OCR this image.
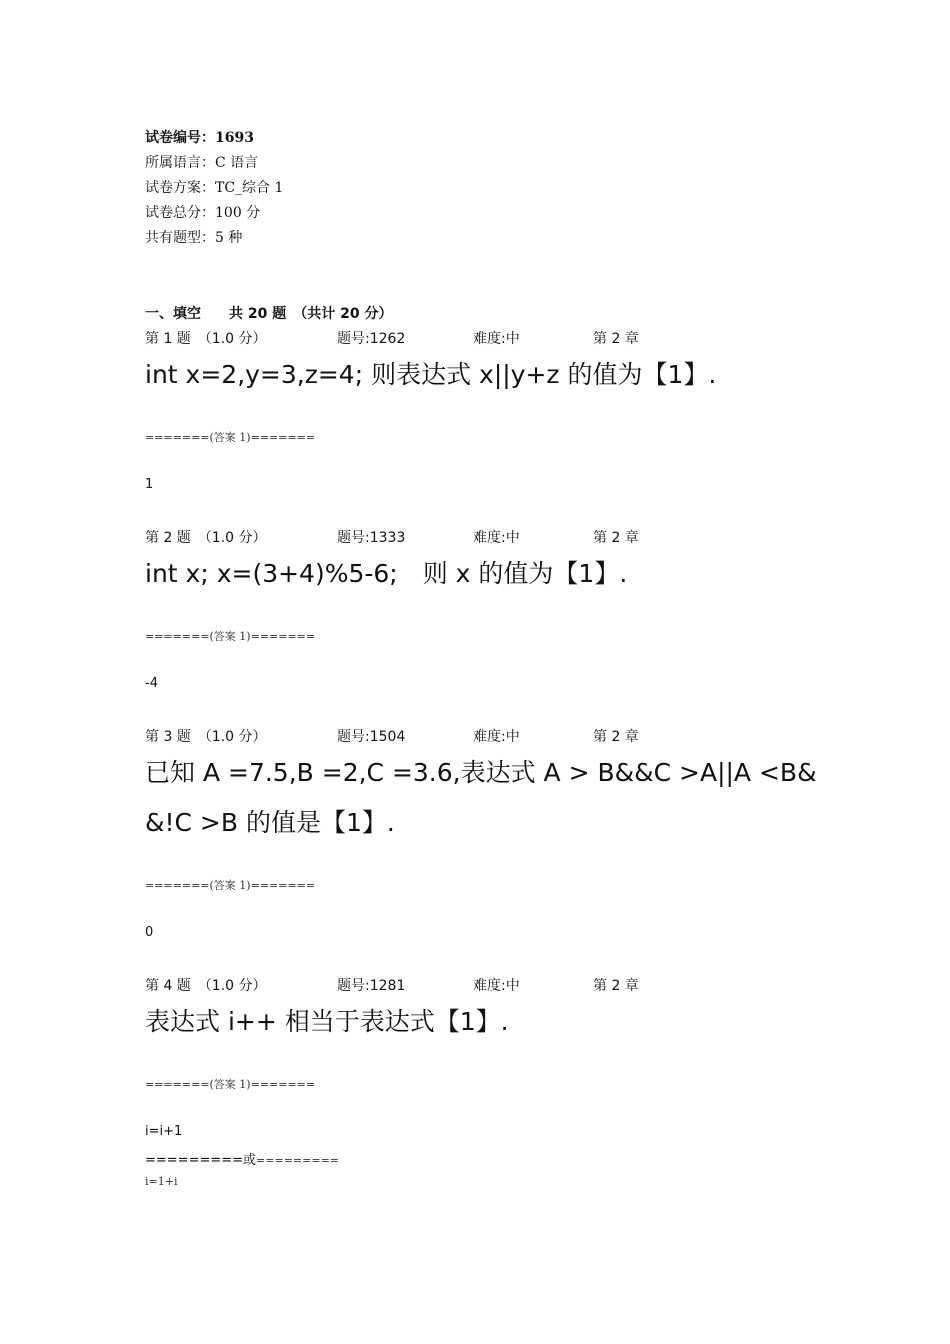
试卷编号：1693
所属语言：C 语言
试卷方案：TC_综合 1
试卷总分：100 分
共有题型：5 种
一、填空　　共 20 题　（共计 20 分）
第 1 题　（1.0 分）	题号:1262	难度:中	第 2 章
int x=2,y=3,z=4; 则表达式 x||y+z 的值为【1】.
=======(答案 1)=======
1
第 2 题　（1.0 分）	题号:1333	难度:中	第 2 章
int x; x=(3+4)%5-6;　则 x 的值为【1】.
=======(答案 1)=======
-4
第 3 题　（1.0 分）	题号:1504	难度:中	第 2 章
已知 A =7.5,B =2,C =3.6,表达式 A > B&&C >A||A <B&
&!C >B 的值是【1】.
=======(答案 1)=======
0
第 4 题　（1.0 分）	题号:1281	难度:中	第 2 章
表达式 i++ 相当于表达式【1】.
=======(答案 1)=======
i=i+1
=========或=========
i=1+i
